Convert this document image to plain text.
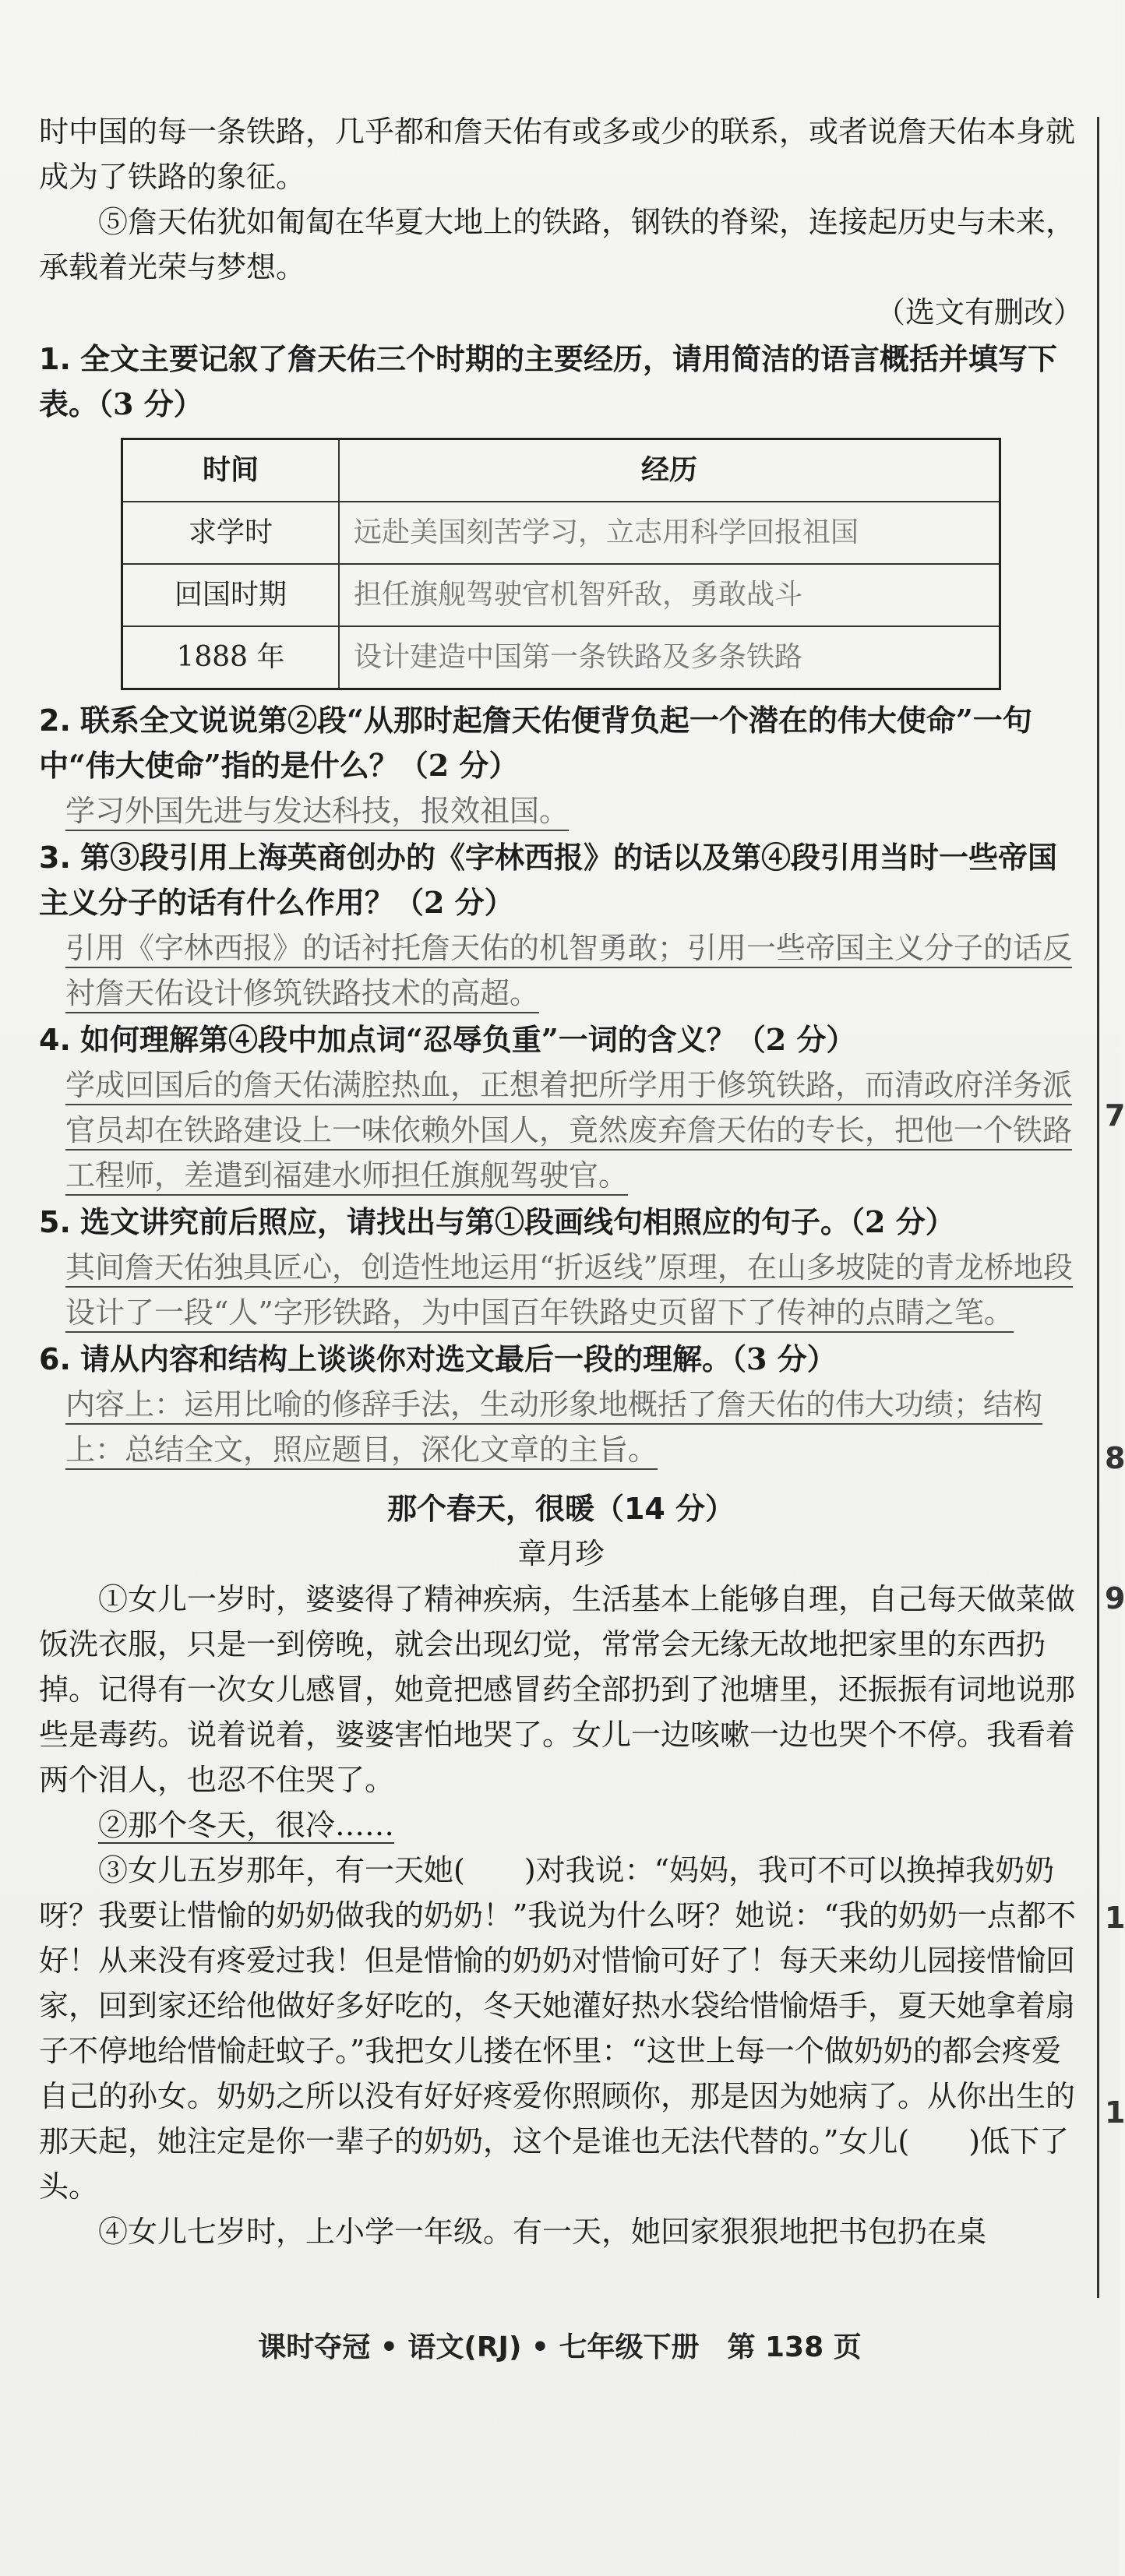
7
8
9
1
1

时中国的每一条铁路，几乎都和詹天佑有或多或少的联系，或者说詹天佑本身就成为了铁路的象征。

⑤詹天佑犹如匍匐在华夏大地上的铁路，钢铁的脊梁，连接起历史与未来，承载着光荣与梦想。

（选文有删改）

1. 全文主要记叙了詹天佑三个时期的主要经历，请用简洁的语言概括并填写下表。（3 分）

时间	经历
求学时	远赴美国刻苦学习，立志用科学回报祖国
回国时期	担任旗舰驾驶官机智歼敌，勇敢战斗
1888 年	设计建造中国第一条铁路及多条铁路

2. 联系全文说说第②段“从那时起詹天佑便背负起一个潜在的伟大使命”一句中“伟大使命”指的是什么？（2 分）

学习外国先进与发达科技，报效祖国。

3. 第③段引用上海英商创办的《字林西报》的话以及第④段引用当时一些帝国主义分子的话有什么作用？（2 分）

引用《字林西报》的话衬托詹天佑的机智勇敢；引用一些帝国主义分子的话反衬詹天佑设计修筑铁路技术的高超。

4. 如何理解第④段中加点词“忍辱负重”一词的含义？（2 分）

学成回国后的詹天佑满腔热血，正想着把所学用于修筑铁路，而清政府洋务派官员却在铁路建设上一味依赖外国人，竟然废弃詹天佑的专长，把他一个铁路工程师，差遣到福建水师担任旗舰驾驶官。

5. 选文讲究前后照应，请找出与第①段画线句相照应的句子。（2 分）

其间詹天佑独具匠心，创造性地运用“折返线”原理，在山多坡陡的青龙桥地段设计了一段“人”字形铁路，为中国百年铁路史页留下了传神的点睛之笔。

6. 请从内容和结构上谈谈你对选文最后一段的理解。（3 分）

内容上：运用比喻的修辞手法，生动形象地概括了詹天佑的伟大功绩；结构上：总结全文，照应题目，深化文章的主旨。

那个春天，很暖（14 分）

章月珍

①女儿一岁时，婆婆得了精神疾病，生活基本上能够自理，自己每天做菜做饭洗衣服，只是一到傍晚，就会出现幻觉，常常会无缘无故地把家里的东西扔掉。记得有一次女儿感冒，她竟把感冒药全部扔到了池塘里，还振振有词地说那些是毒药。说着说着，婆婆害怕地哭了。女儿一边咳嗽一边也哭个不停。我看着两个泪人，也忍不住哭了。

②那个冬天，很冷……

③女儿五岁那年，有一天她(　　)对我说：“妈妈，我可不可以换掉我奶奶呀？我要让惜愉的奶奶做我的奶奶！”我说为什么呀？她说：“我的奶奶一点都不好！从来没有疼爱过我！但是惜愉的奶奶对惜愉可好了！每天来幼儿园接惜愉回家，回到家还给他做好多好吃的，冬天她灌好热水袋给惜愉焐手，夏天她拿着扇子不停地给惜愉赶蚊子。”我把女儿搂在怀里：“这世上每一个做奶奶的都会疼爱自己的孙女。奶奶之所以没有好好疼爱你照顾你，那是因为她病了。从你出生的那天起，她注定是你一辈子的奶奶，这个是谁也无法代替的。”女儿(　　)低下了头。

④女儿七岁时，上小学一年级。有一天，她回家狠狠地把书包扔在桌

课时夺冠 • 语文(RJ) • 七年级下册　第 138 页
